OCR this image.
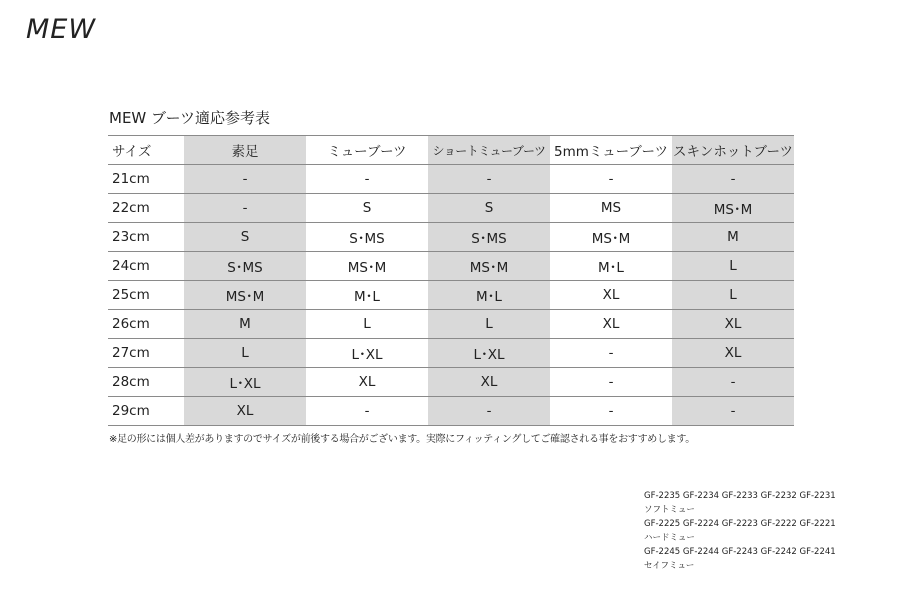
MEW
MEW ブーツ適応参考表
サイズ	素足	ミューブーツ	ショートミューブーツ	5mmミューブーツ	スキンホットブーツ
21cm	-	-	-	-	-
22cm	-	S	S	MS	MS･M
23cm	S	S･MS	S･MS	MS･M	M
24cm	S･MS	MS･M	MS･M	M･L	L
25cm	MS･M	M･L	M･L	XL	L
26cm	M	L	L	XL	XL
27cm	L	L･XL	L･XL	-	XL
28cm	L･XL	XL	XL	-	-
29cm	XL	-	-	-	-
※足の形には個人差がありますのでサイズが前後する場合がございます。実際にフィッティングしてご確認される事をおすすめします。
GF-2235 GF-2234 GF-2233 GF-2232 GF-2231
ソフトミュー
GF-2225 GF-2224 GF-2223 GF-2222 GF-2221
ハードミュー
GF-2245 GF-2244 GF-2243 GF-2242 GF-2241
セイフミュー
